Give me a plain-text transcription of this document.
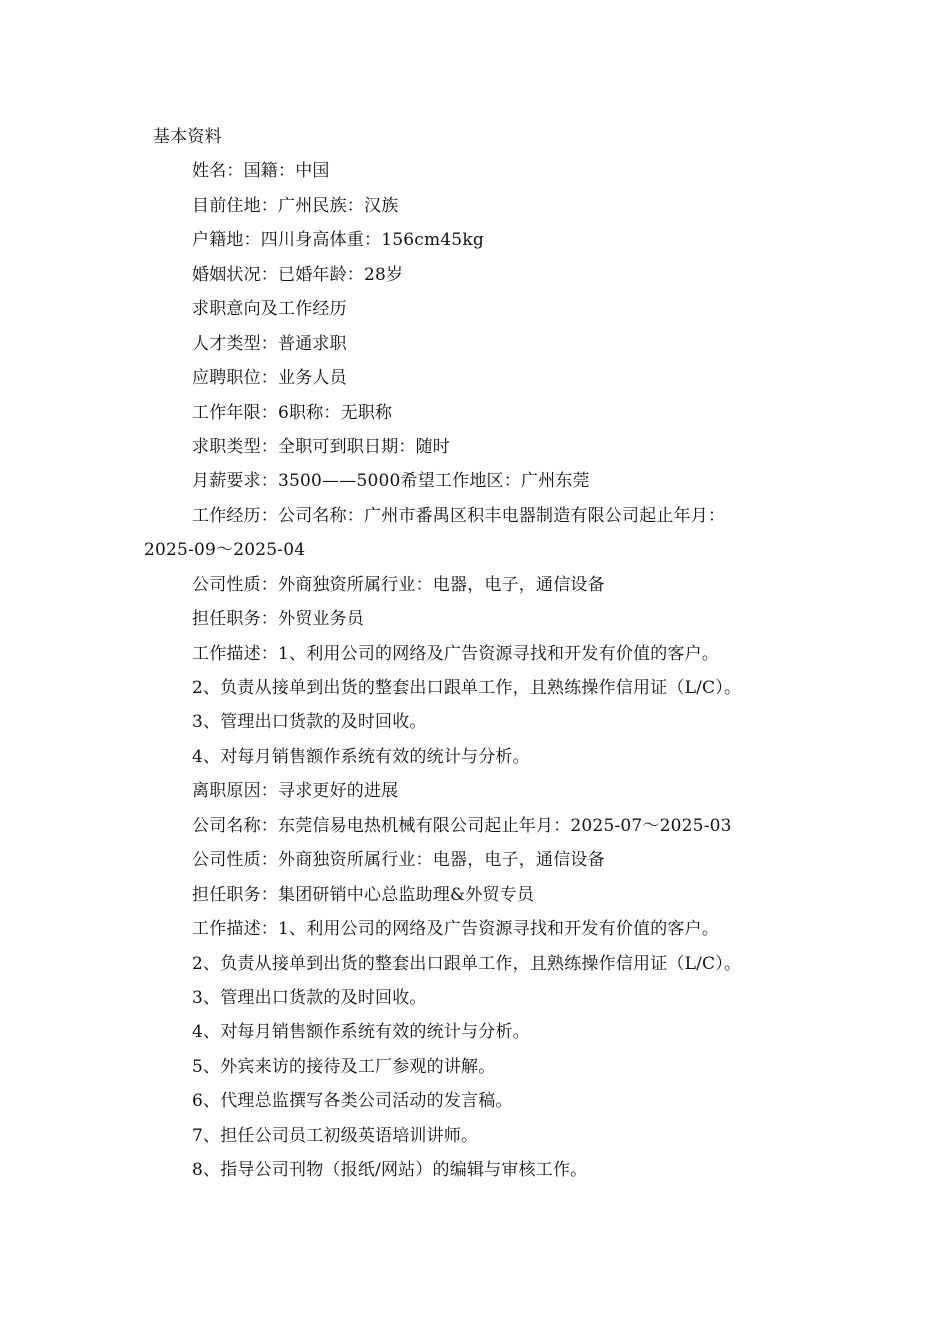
基本资料
姓名：国籍：中国
目前住地：广州民族：汉族
户籍地：四川身高体重：156cm45kg
婚姻状况：已婚年龄：28岁
求职意向及工作经历
人才类型：普通求职
应聘职位：业务人员
工作年限：6职称：无职称
求职类型：全职可到职日期：随时
月薪要求：3500——5000希望工作地区：广州东莞
工作经历：公司名称：广州市番禺区积丰电器制造有限公司起止年月：
2025-09～2025-04
公司性质：外商独资所属行业：电器，电子，通信设备
担任职务：外贸业务员
工作描述：1、利用公司的网络及广告资源寻找和开发有价值的客户。
2、负责从接单到出货的整套出口跟单工作，且熟练操作信用证（L/C）。
3、管理出口货款的及时回收。
4、对每月销售额作系统有效的统计与分析。
离职原因：寻求更好的进展
公司名称：东莞信易电热机械有限公司起止年月：2025-07～2025-03
公司性质：外商独资所属行业：电器，电子，通信设备
担任职务：集团研销中心总监助理&外贸专员
工作描述：1、利用公司的网络及广告资源寻找和开发有价值的客户。
2、负责从接单到出货的整套出口跟单工作，且熟练操作信用证（L/C）。
3、管理出口货款的及时回收。
4、对每月销售额作系统有效的统计与分析。
5、外宾来访的接待及工厂参观的讲解。
6、代理总监撰写各类公司活动的发言稿。
7、担任公司员工初级英语培训讲师。
8、指导公司刊物（报纸/网站）的编辑与审核工作。
